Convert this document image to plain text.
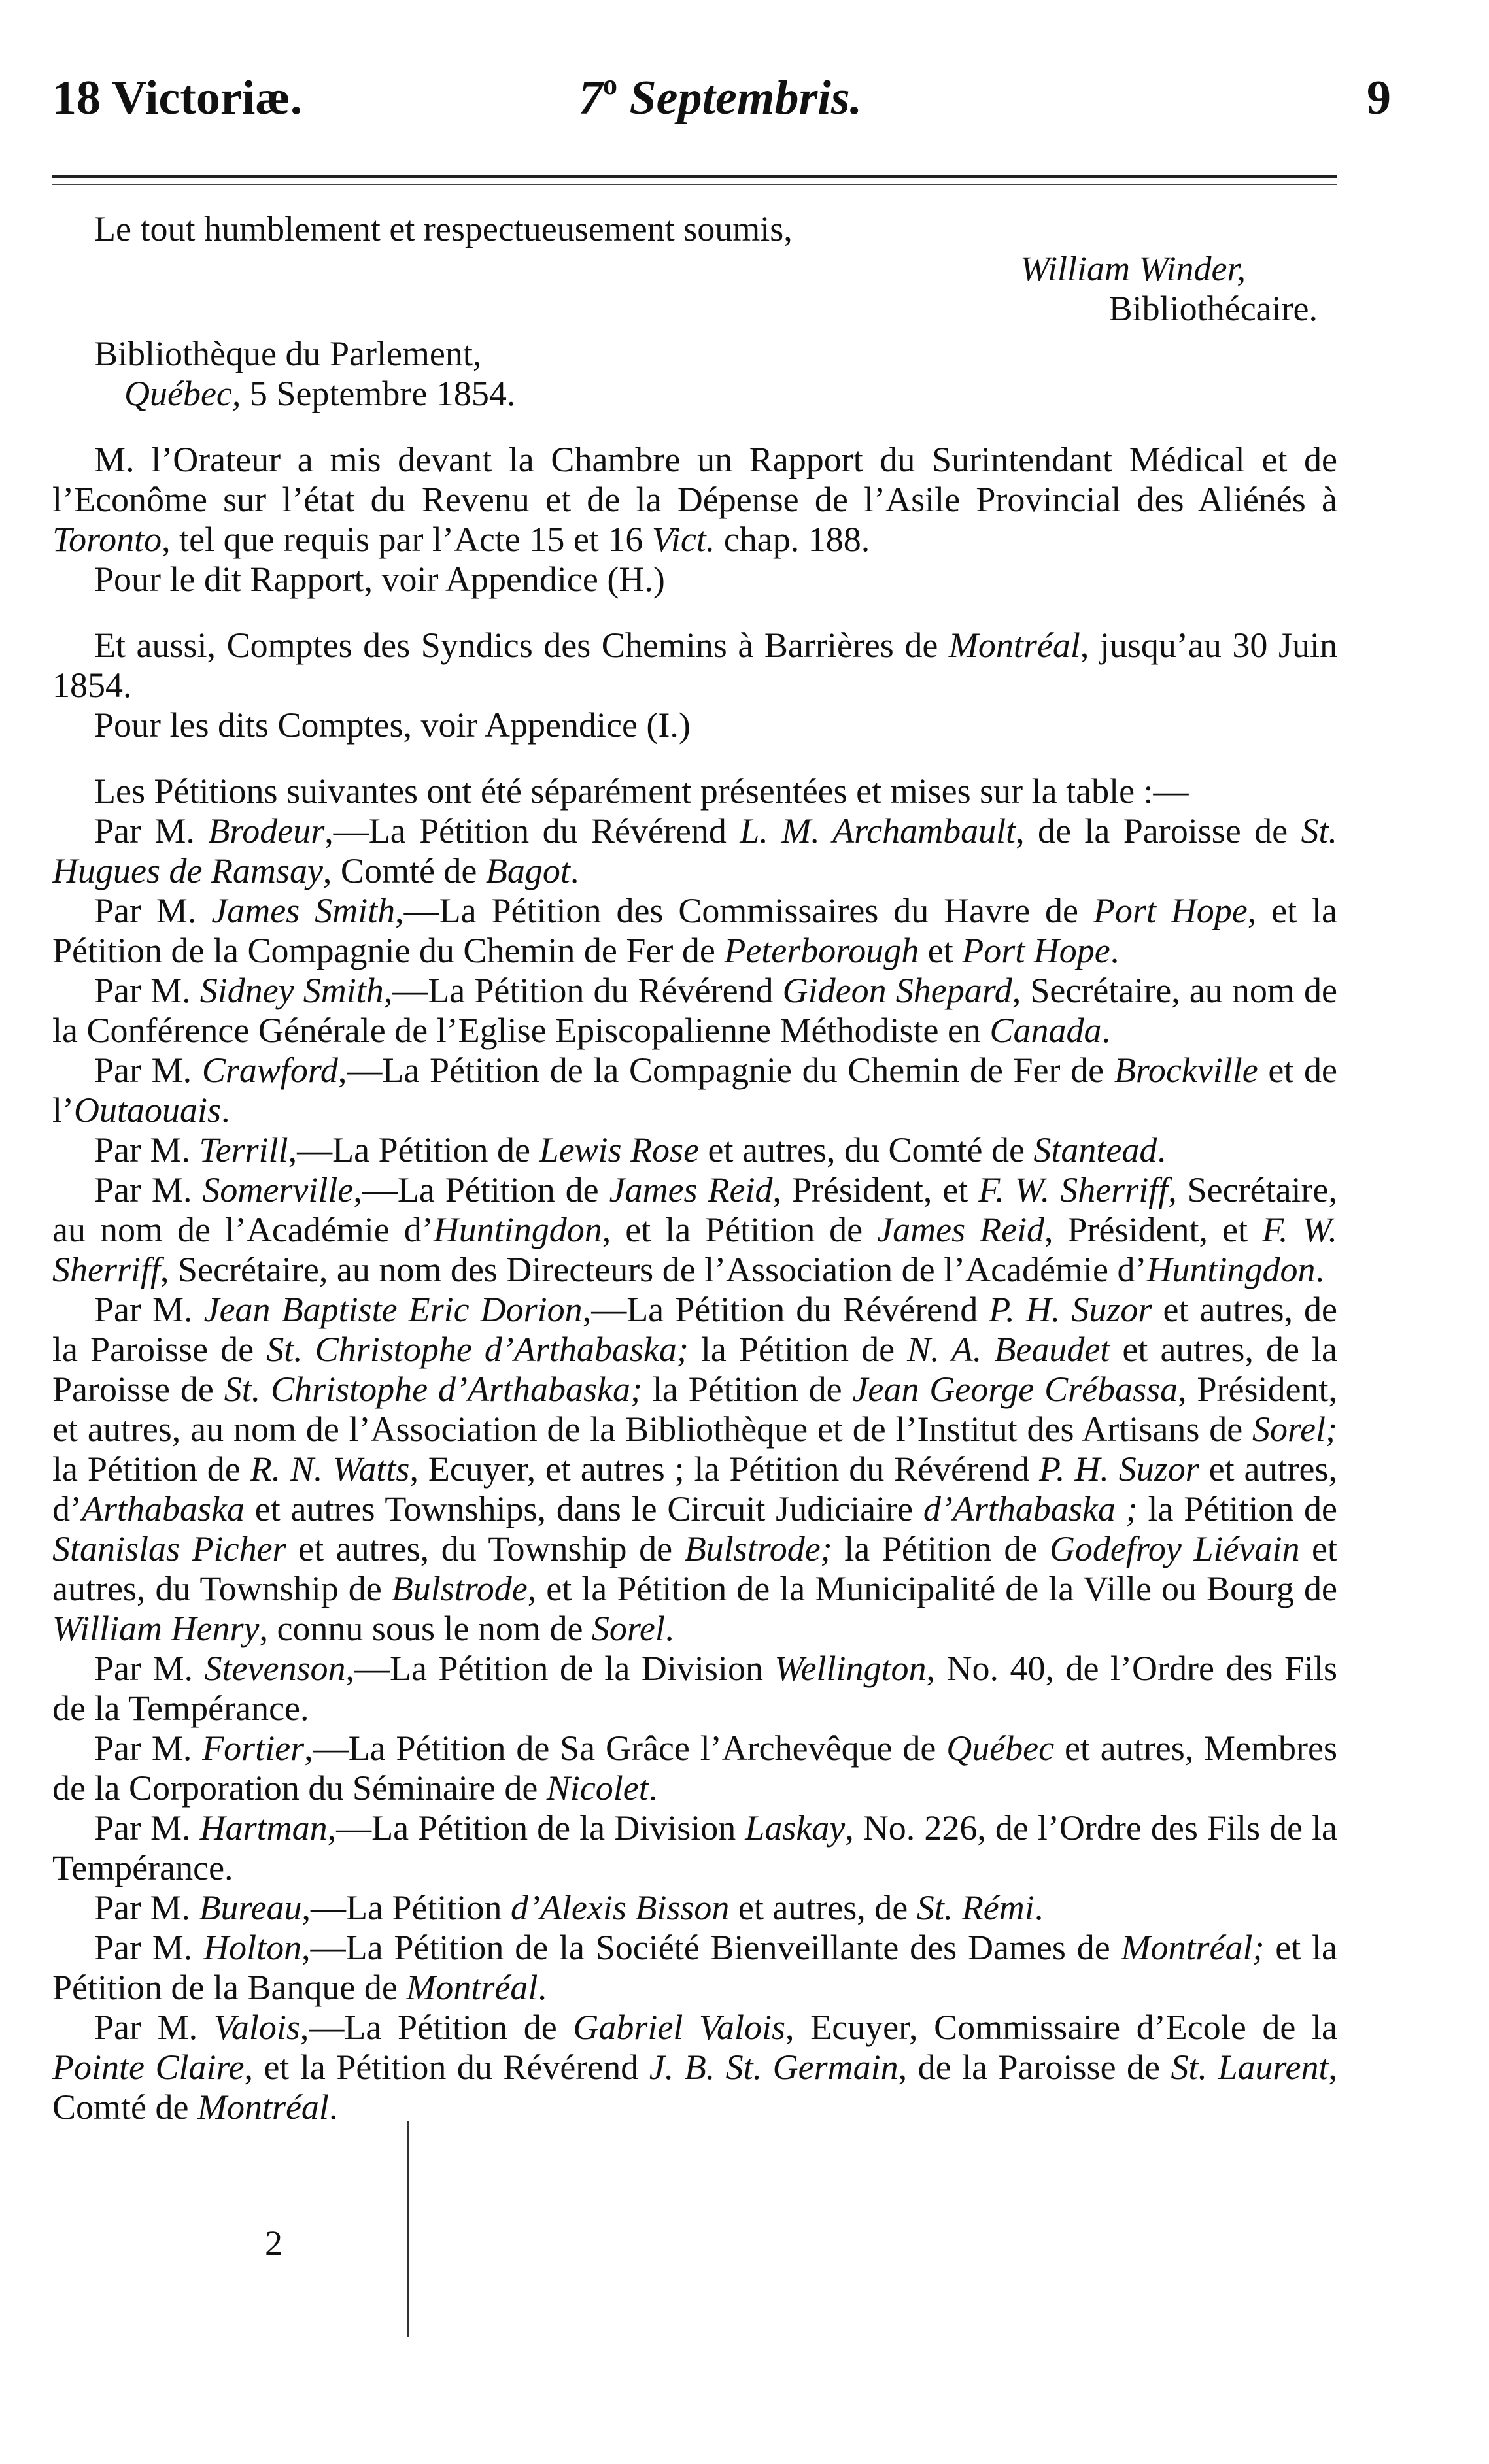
18 Victoriæ.	7$^o$ Septembris.	9

Le tout humblement et respectueusement soumis,

William Winder,

Bibliothécaire.

Bibliothèque du Parlement,

Québec, 5 Septembre 1854.

M. l’Orateur a mis devant la Chambre un Rapport du Surintendant Médical et de l’Econôme sur l’état du Revenu et de la Dépense de l’Asile Provincial des Aliénés à Toronto, tel que requis par l’Acte 15 et 16 Vict. chap. 188.

Pour le dit Rapport, voir Appendice (H.)

Et aussi, Comptes des Syndics des Chemins à Barrières de Montréal, jusqu’au 30 Juin 1854.

Pour les dits Comptes, voir Appendice (I.)

Les Pétitions suivantes ont été séparément présentées et mises sur la table :—

Par M. Brodeur,—La Pétition du Révérend L. M. Archambault, de la Paroisse de St. Hugues de Ramsay, Comté de Bagot.

Par M. James Smith,—La Pétition des Commissaires du Havre de Port Hope, et la Pétition de la Compagnie du Chemin de Fer de Peterborough et Port Hope.

Par M. Sidney Smith,—La Pétition du Révérend Gideon Shepard, Secrétaire, au nom de la Conférence Générale de l’Eglise Episcopalienne Méthodiste en Canada.

Par M. Crawford,—La Pétition de la Compagnie du Chemin de Fer de Brockville et de l’Outaouais.

Par M. Terrill,—La Pétition de Lewis Rose et autres, du Comté de Stantead.

Par M. Somerville,—La Pétition de James Reid, Président, et F. W. Sherriff, Secrétaire, au nom de l’Académie d’Huntingdon, et la Pétition de James Reid, Président, et F. W. Sherriff, Secrétaire, au nom des Directeurs de l’Association de l’Académie d’Huntingdon.

Par M. Jean Baptiste Eric Dorion,—La Pétition du Révérend P. H. Suzor et autres, de la Paroisse de St. Christophe d’Arthabaska; la Pétition de N. A. Beaudet et autres, de la Paroisse de St. Christophe d’Arthabaska; la Pétition de Jean George Crébassa, Président, et autres, au nom de l’Association de la Bibliothèque et de l’Institut des Artisans de Sorel; la Pétition de R. N. Watts, Ecuyer, et autres ; la Pétition du Révérend P. H. Suzor et autres, d’Arthabaska et autres Townships, dans le Circuit Judiciaire d’Arthabaska ; la Pétition de Stanislas Picher et autres, du Township de Bulstrode; la Pétition de Godefroy Liévain et autres, du Township de Bulstrode, et la Pétition de la Municipalité de la Ville ou Bourg de William Henry, connu sous le nom de Sorel.

Par M. Stevenson,—La Pétition de la Division Wellington, No. 40, de l’Ordre des Fils de la Tempérance.

Par M. Fortier,—La Pétition de Sa Grâce l’Archevêque de Québec et autres, Membres de la Corporation du Séminaire de Nicolet.

Par M. Hartman,—La Pétition de la Division Laskay, No. 226, de l’Ordre des Fils de la Tempérance.

Par M. Bureau,—La Pétition d’Alexis Bisson et autres, de St. Rémi.

Par M. Holton,—La Pétition de la Société Bienveillante des Dames de Montréal; et la Pétition de la Banque de Montréal.

Par M. Valois,—La Pétition de Gabriel Valois, Ecuyer, Commissaire d’Ecole de la Pointe Claire, et la Pétition du Révérend J. B. St. Germain, de la Paroisse de St. Laurent, Comté de Montréal.

2
